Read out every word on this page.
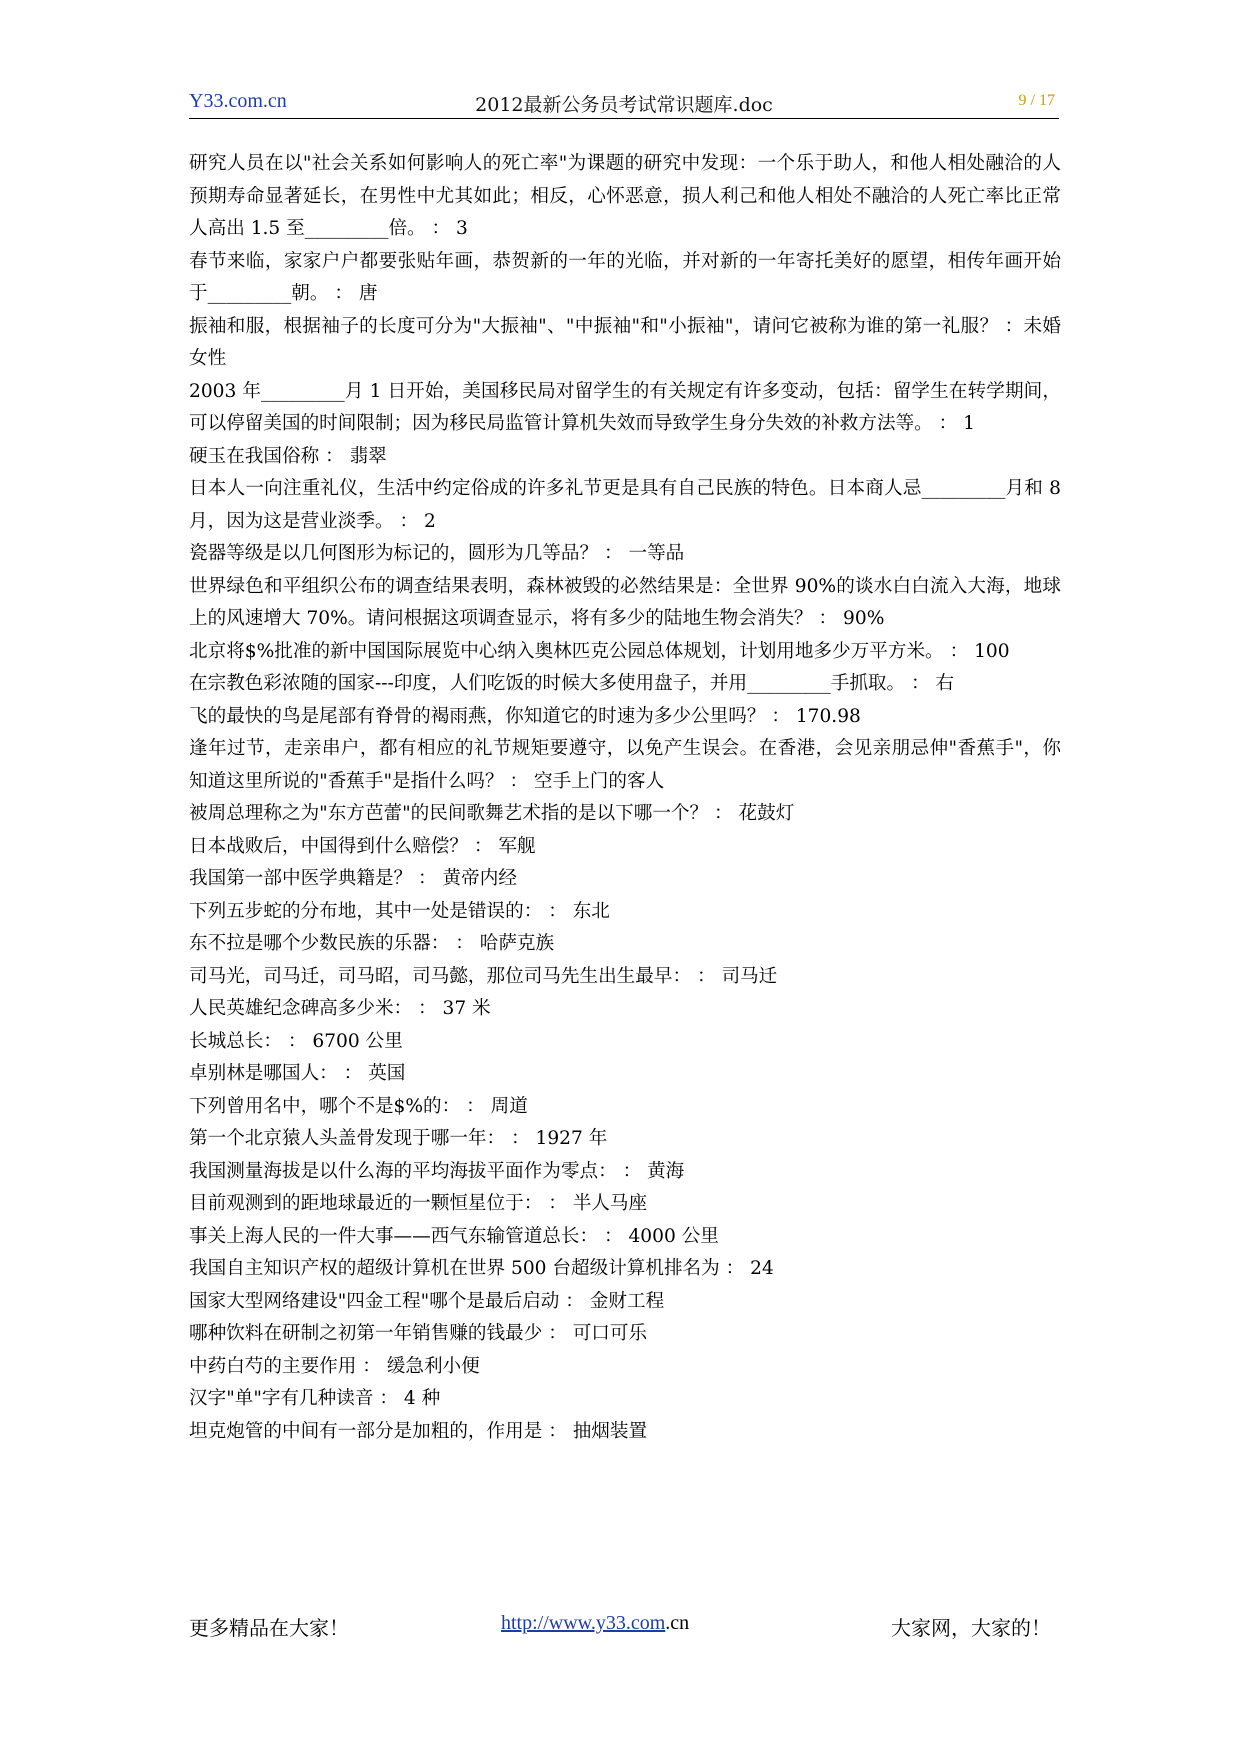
Y33.com.cn	2012最新公务员考试常识题库.doc	9 / 17

研究人员在以"社会关系如何影响人的死亡率"为课题的研究中发现：一个乐于助人，和他人相处融洽的人预期寿命显著延长，在男性中尤其如此；相反，心怀恶意，损人利己和他人相处不融洽的人死亡率比正常人高出 1.5 至_________倍。 ： 3

春节来临，家家户户都要张贴年画，恭贺新的一年的光临，并对新的一年寄托美好的愿望，相传年画开始于_________朝。 ： 唐

振袖和服，根据袖子的长度可分为"大振袖"、"中振袖"和"小振袖"，请问它被称为谁的第一礼服？ ：未婚女性

2003 年_________月 1 日开始，美国移民局对留学生的有关规定有许多变动，包括：留学生在转学期间，可以停留美国的时间限制；因为移民局监管计算机失效而导致学生身分失效的补救方法等。 ： 1

硬玉在我国俗称 ： 翡翠

日本人一向注重礼仪，生活中约定俗成的许多礼节更是具有自己民族的特色。日本商人忌_________月和 8 月，因为这是营业淡季。 ： 2

瓷器等级是以几何图形为标记的，圆形为几等品？ ： 一等品

世界绿色和平组织公布的调查结果表明，森林被毁的必然结果是：全世界 90%的谈水白白流入大海，地球上的风速增大 70%。请问根据这项调查显示，将有多少的陆地生物会消失？ ： 90%

北京将$%批准的新中国国际展览中心纳入奥林匹克公园总体规划，计划用地多少万平方米。 ： 100

在宗教色彩浓随的国家---印度，人们吃饭的时候大多使用盘子，并用_________手抓取。 ： 右

飞的最快的鸟是尾部有脊骨的褐雨燕，你知道它的时速为多少公里吗？ ： 170.98

逢年过节，走亲串户，都有相应的礼节规矩要遵守，以免产生误会。在香港，会见亲朋忌伸"香蕉手"，你知道这里所说的"香蕉手"是指什么吗？ ： 空手上门的客人

被周总理称之为"东方芭蕾"的民间歌舞艺术指的是以下哪一个？ ： 花鼓灯

日本战败后，中国得到什么赔偿？ ： 军舰

我国第一部中医学典籍是？ ： 黄帝内经

下列五步蛇的分布地，其中一处是错误的： ： 东北

东不拉是哪个少数民族的乐器： ： 哈萨克族

司马光，司马迁，司马昭，司马懿，那位司马先生出生最早： ： 司马迁

人民英雄纪念碑高多少米： ： 37 米

长城总长： ： 6700 公里

卓别林是哪国人： ： 英国

下列曾用名中，哪个不是$%的： ： 周道

第一个北京猿人头盖骨发现于哪一年： ： 1927 年

我国测量海拔是以什么海的平均海拔平面作为零点： ： 黄海

目前观测到的距地球最近的一颗恒星位于： ： 半人马座

事关上海人民的一件大事——西气东输管道总长： ： 4000 公里

我国自主知识产权的超级计算机在世界 500 台超级计算机排名为 ： 24

国家大型网络建设"四金工程"哪个是最后启动 ： 金财工程

哪种饮料在研制之初第一年销售赚的钱最少 ： 可口可乐

中药白芍的主要作用 ： 缓急利小便

汉字"单"字有几种读音 ： 4 种

坦克炮管的中间有一部分是加粗的，作用是 ： 抽烟装置

更多精品在大家！	http://www.y33.com.cn	大家网，大家的！
